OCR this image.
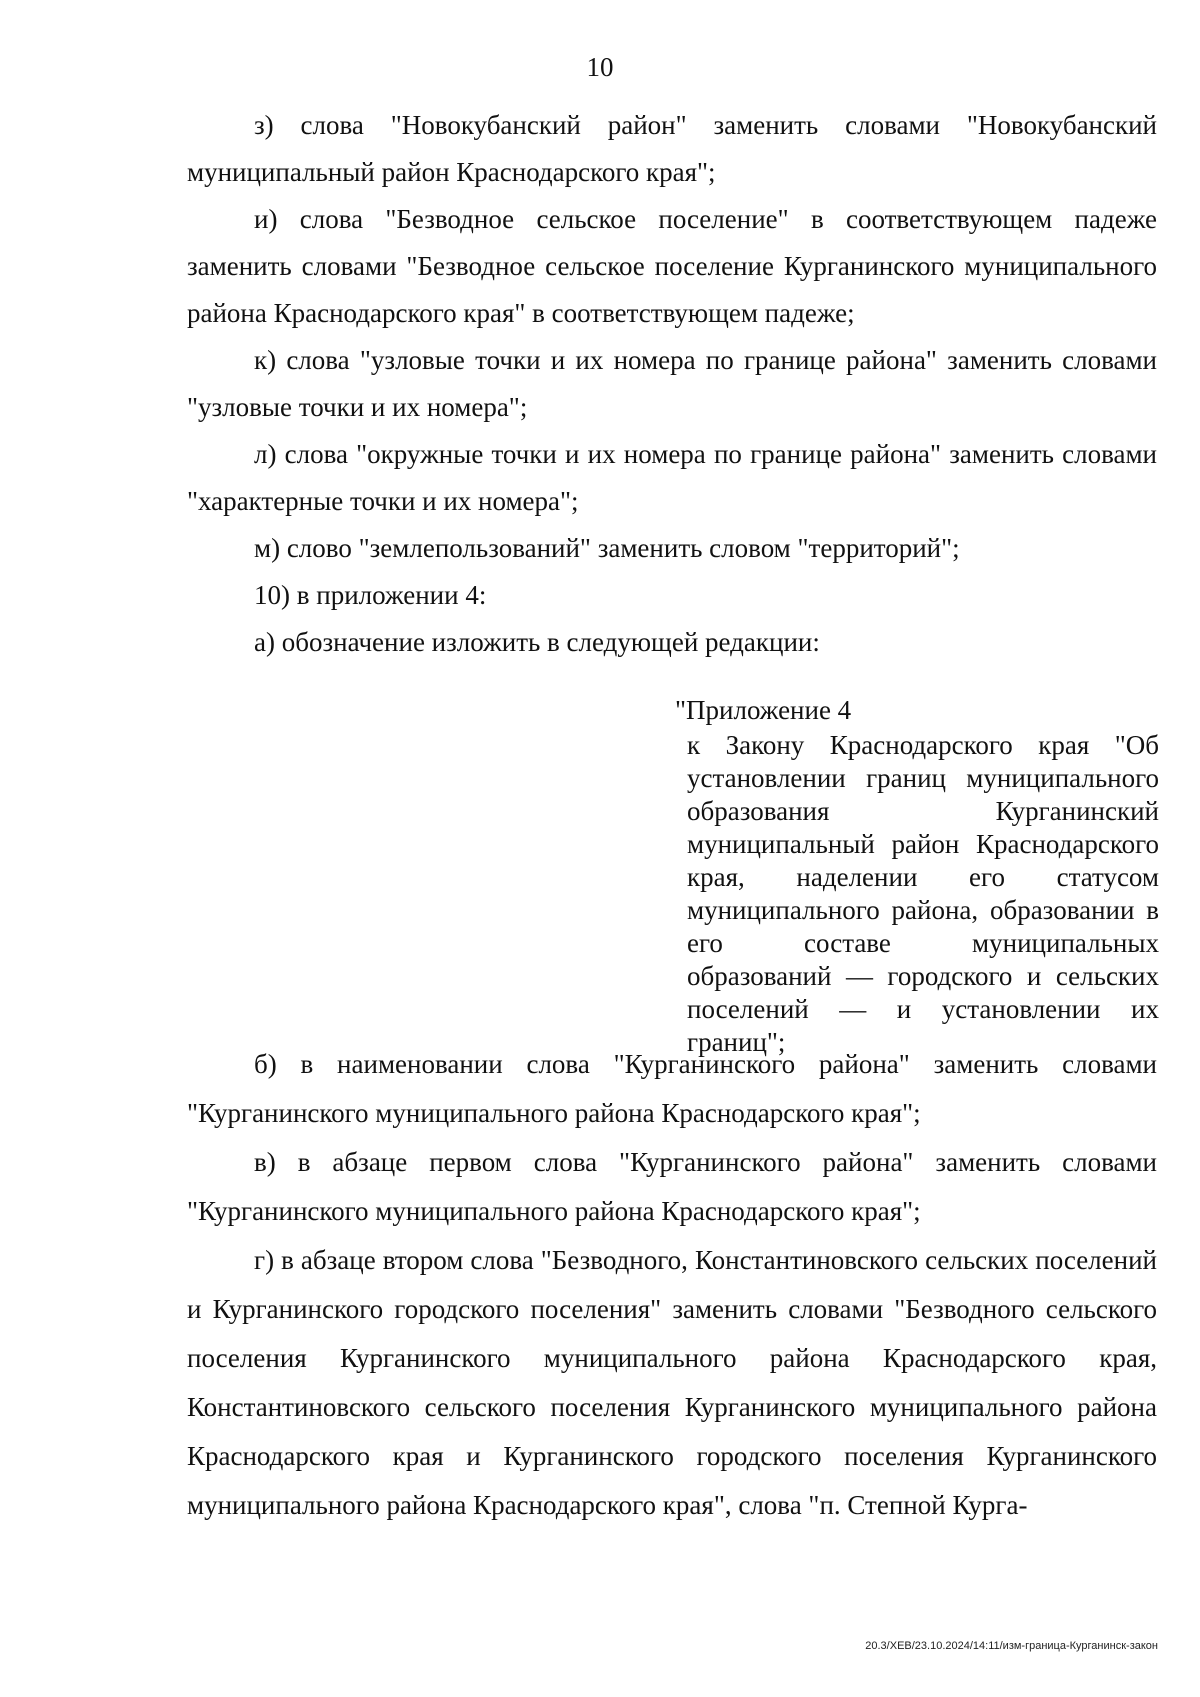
10

з) слова "Новокубанский район" заменить словами "Новокубанский муниципальный район Краснодарского края";

и) слова "Безводное сельское поселение" в соответствующем падеже заменить словами "Безводное сельское поселение Курганинского муниципального района Краснодарского края" в соответствующем падеже;

к) слова "узловые точки и их номера по границе района" заменить словами "узловые точки и их номера";

л) слова "окружные точки и их номера по границе района" заменить словами "характерные точки и их номера";

м) слово "землепользований" заменить словом "территорий";

10) в приложении 4:

а) обозначение изложить в следующей редакции:

"Приложение 4

к Закону Краснодарского края "Об установлении границ муниципального образования Курганинский муниципальный район Краснодарского края, наделении его статусом муниципального района, образовании в его составе муниципальных образований — городского и сельских поселений — и установлении их границ";

б) в наименовании слова "Курганинского района" заменить словами "Курганинского муниципального района Краснодарского края";

в) в абзаце первом слова "Курганинского района" заменить словами "Курганинского муниципального района Краснодарского края";

г) в абзаце втором слова "Безводного, Константиновского сельских поселений и Курганинского городского поселения" заменить словами "Безводного сельского поселения Курганинского муниципального района Краснодарского края, Константиновского сельского поселения Курганинского муниципального района Краснодарского края и Курганинского городского поселения Курганинского муниципального района Краснодарского края", слова "п. Степной Курга-

20.3/ХЕВ/23.10.2024/14:11/изм-граница-Курганинск-закон
